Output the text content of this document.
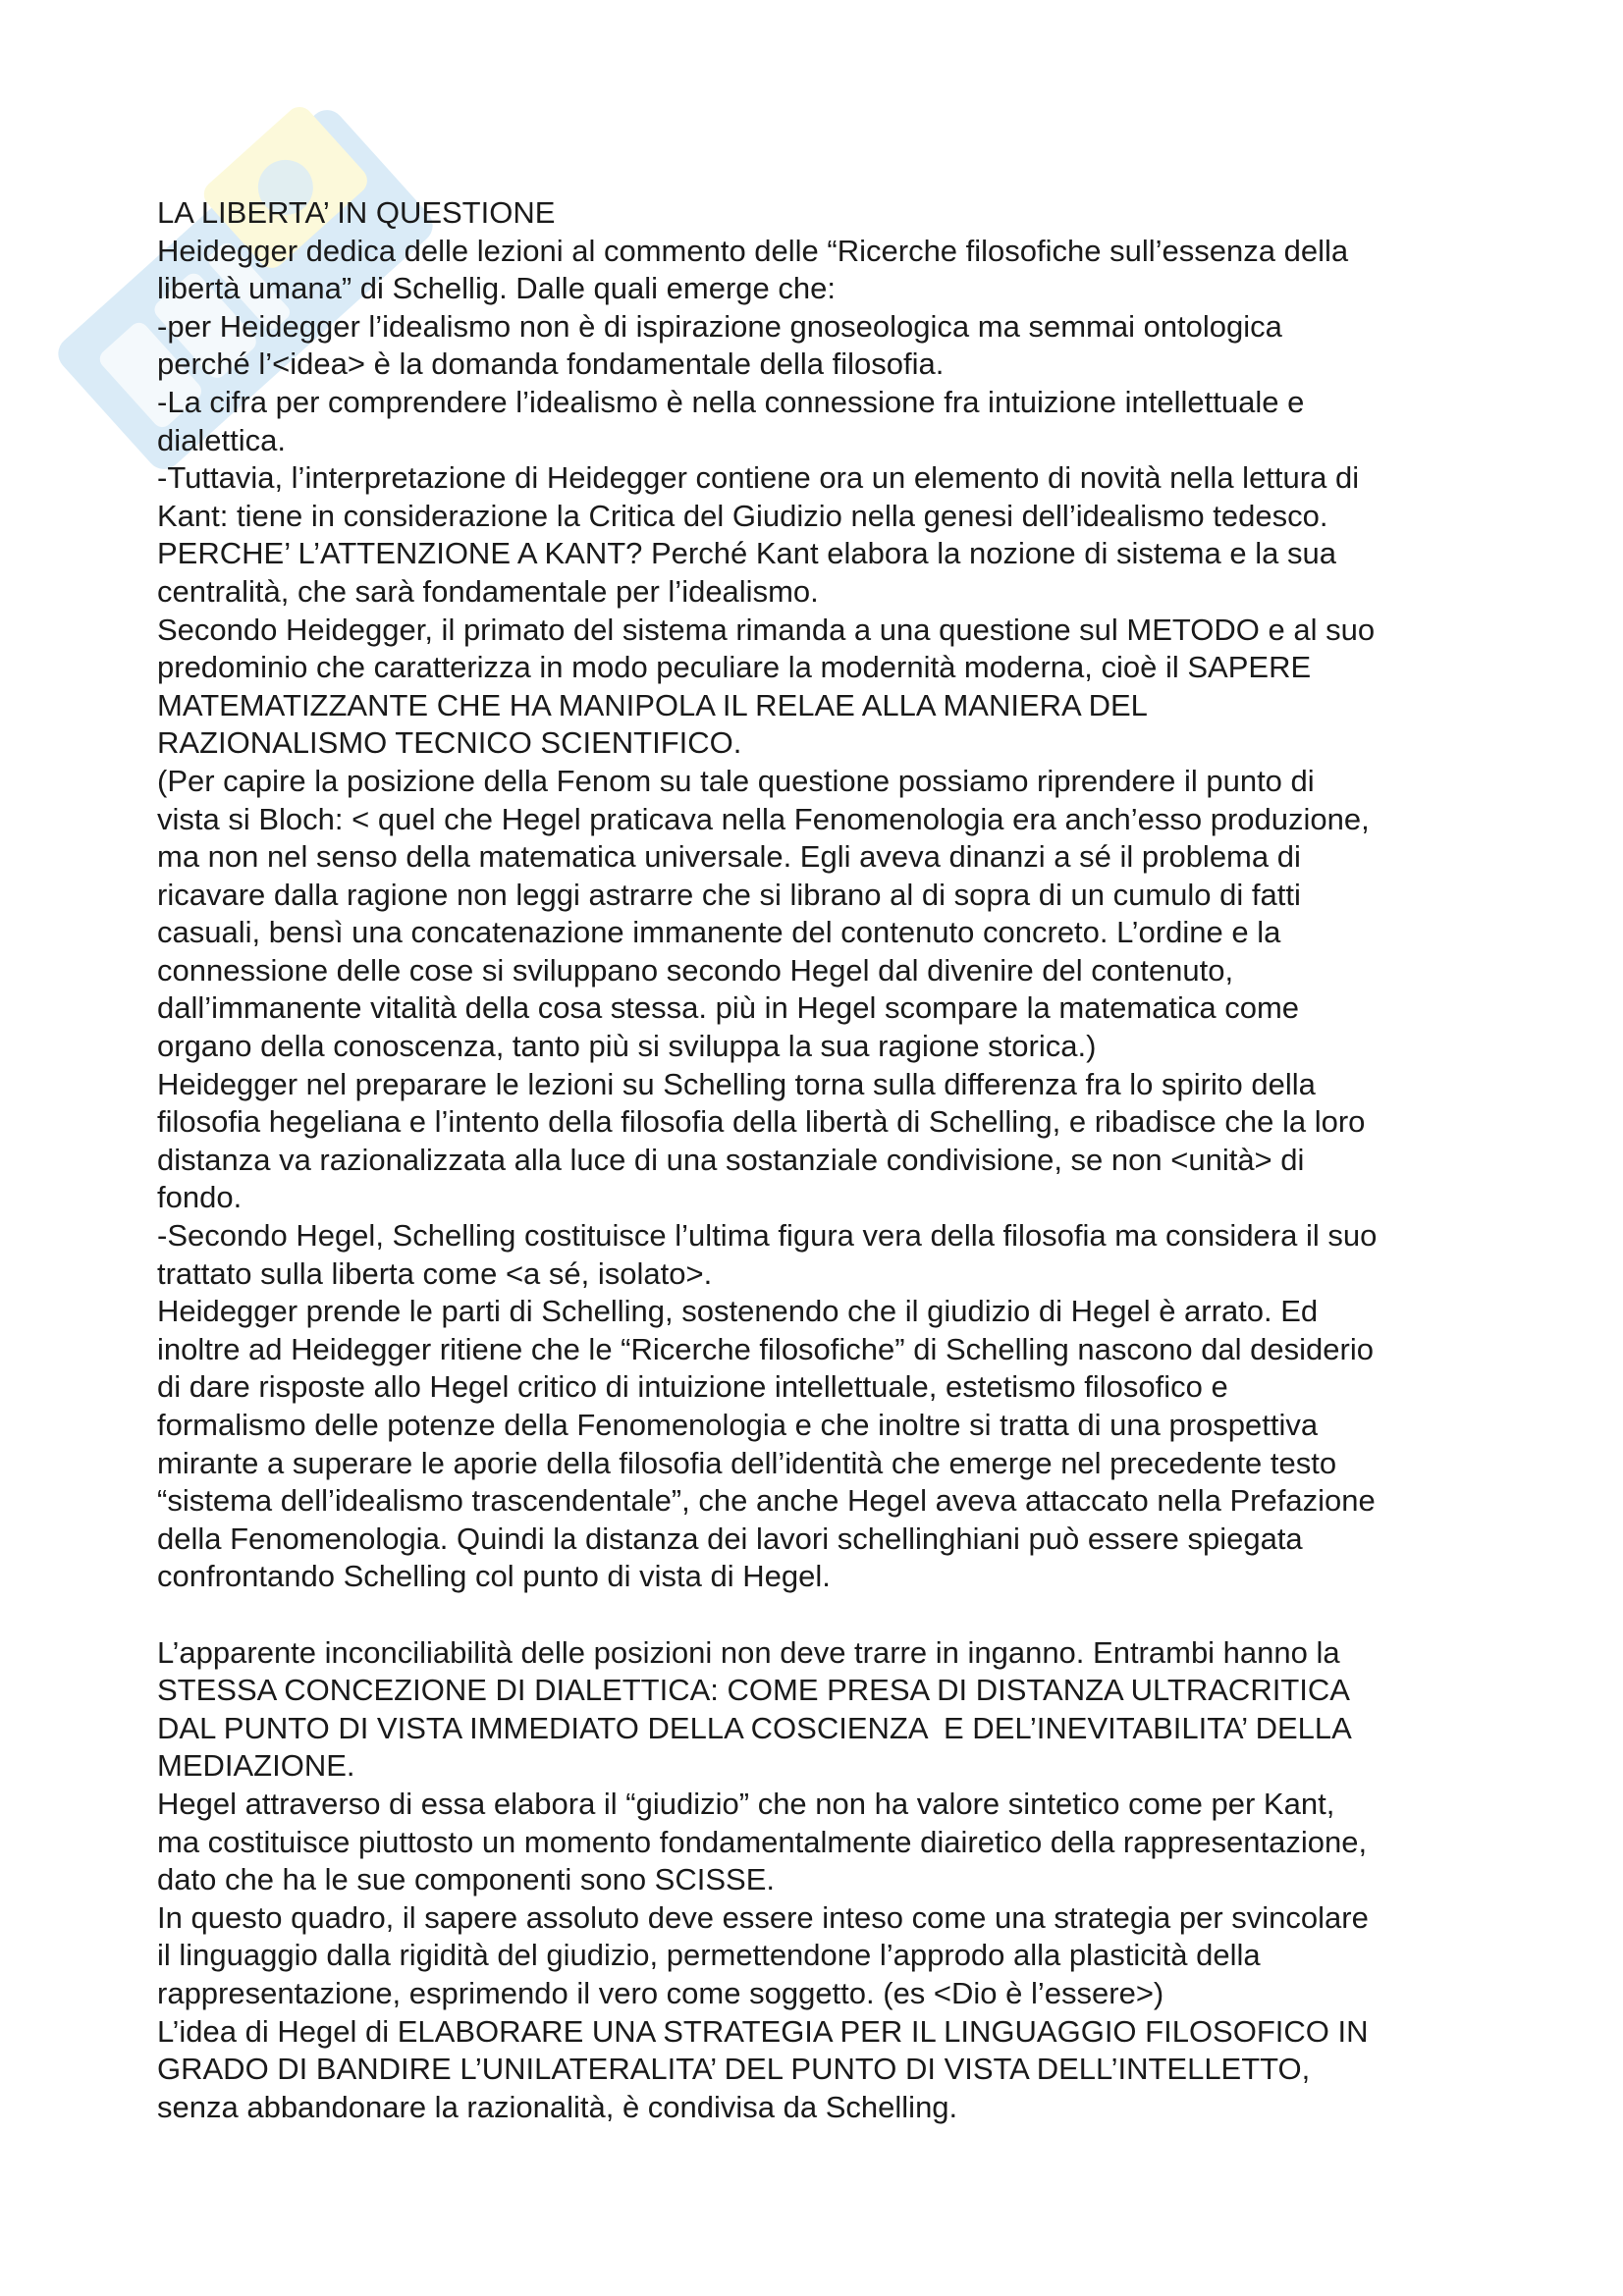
LA LIBERTA’ IN QUESTIONE
Heidegger dedica delle lezioni al commento delle “Ricerche filosofiche sull’essenza della
libertà umana” di Schellig. Dalle quali emerge che:
-per Heidegger l’idealismo non è di ispirazione gnoseologica ma semmai ontologica
perché l’<idea> è la domanda fondamentale della filosofia.
-La cifra per comprendere l’idealismo è nella connessione fra intuizione intellettuale e
dialettica.
-Tuttavia, l’interpretazione di Heidegger contiene ora un elemento di novità nella lettura di
Kant: tiene in considerazione la Critica del Giudizio nella genesi dell’idealismo tedesco.
PERCHE’ L’ATTENZIONE A KANT? Perché Kant elabora la nozione di sistema e la sua
centralità, che sarà fondamentale per l’idealismo.
Secondo Heidegger, il primato del sistema rimanda a una questione sul METODO e al suo
predominio che caratterizza in modo peculiare la modernità moderna, cioè il SAPERE
MATEMATIZZANTE CHE HA MANIPOLA IL RELAE ALLA MANIERA DEL
RAZIONALISMO TECNICO SCIENTIFICO.
(Per capire la posizione della Fenom su tale questione possiamo riprendere il punto di
vista si Bloch: < quel che Hegel praticava nella Fenomenologia era anch’esso produzione,
ma non nel senso della matematica universale. Egli aveva dinanzi a sé il problema di
ricavare dalla ragione non leggi astrarre che si librano al di sopra di un cumulo di fatti
casuali, bensì una concatenazione immanente del contenuto concreto. L’ordine e la
connessione delle cose si sviluppano secondo Hegel dal divenire del contenuto,
dall’immanente vitalità della cosa stessa. più in Hegel scompare la matematica come
organo della conoscenza, tanto più si sviluppa la sua ragione storica.)
Heidegger nel preparare le lezioni su Schelling torna sulla differenza fra lo spirito della
filosofia hegeliana e l’intento della filosofia della libertà di Schelling, e ribadisce che la loro
distanza va razionalizzata alla luce di una sostanziale condivisione, se non <unità> di
fondo.
-Secondo Hegel, Schelling costituisce l’ultima figura vera della filosofia ma considera il suo
trattato sulla liberta come <a sé, isolato>.
Heidegger prende le parti di Schelling, sostenendo che il giudizio di Hegel è arrato. Ed
inoltre ad Heidegger ritiene che le “Ricerche filosofiche” di Schelling nascono dal desiderio
di dare risposte allo Hegel critico di intuizione intellettuale, estetismo filosofico e
formalismo delle potenze della Fenomenologia e che inoltre si tratta di una prospettiva
mirante a superare le aporie della filosofia dell’identità che emerge nel precedente testo
“sistema dell’idealismo trascendentale”, che anche Hegel aveva attaccato nella Prefazione
della Fenomenologia. Quindi la distanza dei lavori schellinghiani può essere spiegata
confrontando Schelling col punto di vista di Hegel.
L’apparente inconciliabilità delle posizioni non deve trarre in inganno. Entrambi hanno la
STESSA CONCEZIONE DI DIALETTICA: COME PRESA DI DISTANZA ULTRACRITICA
DAL PUNTO DI VISTA IMMEDIATO DELLA COSCIENZA  E DEL’INEVITABILITA’ DELLA
MEDIAZIONE.
Hegel attraverso di essa elabora il “giudizio” che non ha valore sintetico come per Kant,
ma costituisce piuttosto un momento fondamentalmente diairetico della rappresentazione,
dato che ha le sue componenti sono SCISSE.
In questo quadro, il sapere assoluto deve essere inteso come una strategia per svincolare
il linguaggio dalla rigidità del giudizio, permettendone l’approdo alla plasticità della
rappresentazione, esprimendo il vero come soggetto. (es <Dio è l’essere>)
L’idea di Hegel di ELABORARE UNA STRATEGIA PER IL LINGUAGGIO FILOSOFICO IN
GRADO DI BANDIRE L’UNILATERALITA’ DEL PUNTO DI VISTA DELL’INTELLETTO,
senza abbandonare la razionalità, è condivisa da Schelling.
